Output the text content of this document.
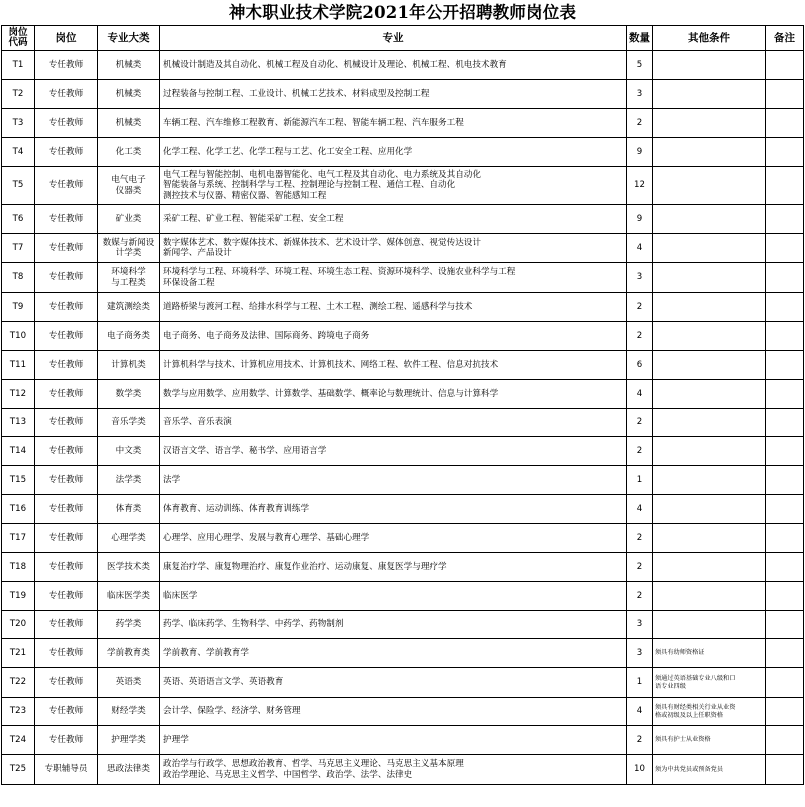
神木职业技术学院2021年公开招聘教师岗位表
岗位
代码	岗位	专业大类	专业	数量	其他条件	备注
T1	专任教师	机械类	机械设计制造及其自动化、机械工程及自动化、机械设计及理论、机械工程、机电技术教育	5		
T2	专任教师	机械类	过程装备与控制工程、工业设计、机械工艺技术、材料成型及控制工程	3		
T3	专任教师	机械类	车辆工程、汽车维修工程教育、新能源汽车工程、智能车辆工程、汽车服务工程	2		
T4	专任教师	化工类	化学工程、化学工艺、化学工程与工艺、化工安全工程、应用化学	9		
T5	专任教师	电气电子
仪器类	电气工程与智能控制、电机电器智能化、电气工程及其自动化、电力系统及其自动化
智能装备与系统、控制科学与工程、控制理论与控制工程、通信工程、自动化
测控技术与仪器、精密仪器、智能感知工程	12		
T6	专任教师	矿业类	采矿工程、矿业工程、智能采矿工程、安全工程	9		
T7	专任教师	数媒与新闻设
计学类	数字媒体艺术、数字媒体技术、新媒体技术、艺术设计学、媒体创意、视觉传达设计
新闻学、产品设计	4		
T8	专任教师	环境科学
与工程类	环境科学与工程、环境科学、环境工程、环境生态工程、资源环境科学、设施农业科学与工程
环保设备工程	3		
T9	专任教师	建筑测绘类	道路桥梁与渡河工程、给排水科学与工程、土木工程、测绘工程、遥感科学与技术	2		
T10	专任教师	电子商务类	电子商务、电子商务及法律、国际商务、跨境电子商务	2		
T11	专任教师	计算机类	计算机科学与技术、计算机应用技术、计算机技术、网络工程、软件工程、信息对抗技术	6		
T12	专任教师	数学类	数学与应用数学、应用数学、计算数学、基础数学、概率论与数理统计、信息与计算科学	4		
T13	专任教师	音乐学类	音乐学、音乐表演	2		
T14	专任教师	中文类	汉语言文学、语言学、秘书学、应用语言学	2		
T15	专任教师	法学类	法学	1		
T16	专任教师	体育类	体育教育、运动训练、体育教育训练学	4		
T17	专任教师	心理学类	心理学、应用心理学、发展与教育心理学、基础心理学	2		
T18	专任教师	医学技术类	康复治疗学、康复物理治疗、康复作业治疗、运动康复、康复医学与理疗学	2		
T19	专任教师	临床医学类	临床医学	2		
T20	专任教师	药学类	药学、临床药学、生物科学、中药学、药物制剂	3		
T21	专任教师	学前教育类	学前教育、学前教育学	3	须具有幼师资格证	
T22	专任教师	英语类	英语、英语语言文学、英语教育	1	须通过英语基础专业八级和口
语专业四级	
T23	专任教师	财经学类	会计学、保险学、经济学、财务管理	4	须具有财经类相关行业从业资
格或初级及以上任职资格	
T24	专任教师	护理学类	护理学	2	须具有护士从业资格	
T25	专职辅导员	思政法律类	政治学与行政学、思想政治教育、哲学、马克思主义理论、马克思主义基本原理
政治学理论、马克思主义哲学、中国哲学、政治学、法学、法律史	10	须为中共党员或预备党员	
